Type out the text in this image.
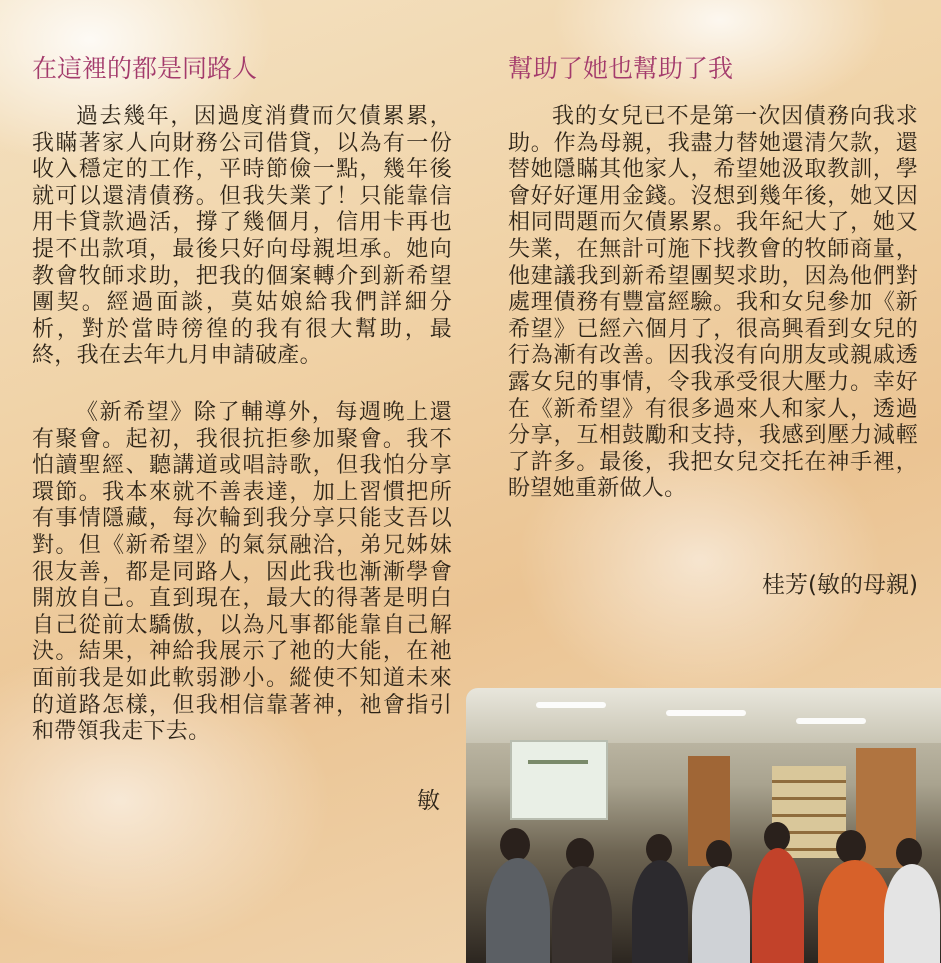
在這裡的都是同路人

過去幾年，因過度消費而欠債累累，我瞞著家人向財務公司借貸，以為有一份收入穩定的工作，平時節儉一點，幾年後就可以還清債務。但我失業了！只能靠信用卡貸款過活，撐了幾個月，信用卡再也提不出款項，最後只好向母親坦承。她向教會牧師求助，把我的個案轉介到新希望團契。經過面談，莫姑娘給我們詳細分析，對於當時徬徨的我有很大幫助，最終，我在去年九月申請破產。

《新希望》除了輔導外，每週晚上還有聚會。起初，我很抗拒參加聚會。我不怕讀聖經、聽講道或唱詩歌，但我怕分享環節。我本來就不善表達，加上習慣把所有事情隱藏，每次輪到我分享只能支吾以對。但《新希望》的氣氛融洽，弟兄姊妹很友善，都是同路人，因此我也漸漸學會開放自己。直到現在，最大的得著是明白自己從前太驕傲，以為凡事都能靠自己解決。結果，神給我展示了祂的大能，在祂面前我是如此軟弱渺小。縱使不知道未來的道路怎樣，但我相信靠著神，祂會指引和帶領我走下去。

敏

幫助了她也幫助了我

我的女兒已不是第一次因債務向我求助。作為母親，我盡力替她還清欠款，還替她隱瞞其他家人，希望她汲取教訓，學會好好運用金錢。沒想到幾年後，她又因相同問題而欠債累累。我年紀大了，她又失業，在無計可施下找教會的牧師商量，他建議我到新希望團契求助，因為他們對處理債務有豐富經驗。我和女兒參加《新希望》已經六個月了，很高興看到女兒的行為漸有改善。因我沒有向朋友或親戚透露女兒的事情，令我承受很大壓力。幸好在《新希望》有很多過來人和家人，透過分享，互相鼓勵和支持，我感到壓力減輕了許多。最後，我把女兒交托在神手裡，盼望她重新做人。

桂芳(敏的母親)
